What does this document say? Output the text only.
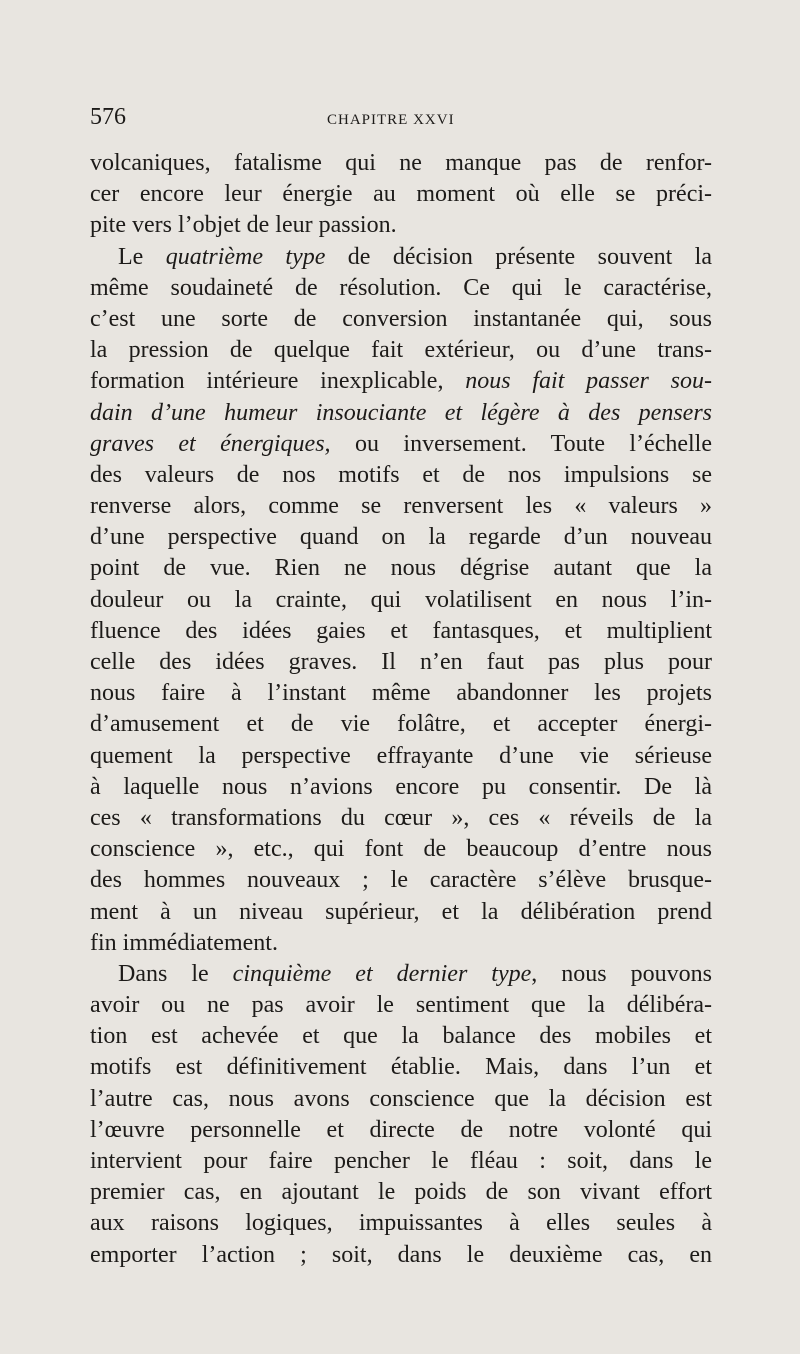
576	CHAPITRE XXVI
volcaniques, fatalisme qui ne manque pas de renfor-
cer encore leur énergie au moment où elle se préci-
pite vers l’objet de leur passion.
Le quatrième type de décision présente souvent la
même soudaineté de résolution. Ce qui le caractérise,
c’est une sorte de conversion instantanée qui, sous
la pression de quelque fait extérieur, ou d’une trans-
formation intérieure inexplicable, nous fait passer sou-
dain d’une humeur insouciante et légère à des pensers
graves et énergiques, ou inversement. Toute l’échelle
des valeurs de nos motifs et de nos impulsions se
renverse alors, comme se renversent les « valeurs »
d’une perspective quand on la regarde d’un nouveau
point de vue. Rien ne nous dégrise autant que la
douleur ou la crainte, qui volatilisent en nous l’in-
fluence des idées gaies et fantasques, et multiplient
celle des idées graves. Il n’en faut pas plus pour
nous faire à l’instant même abandonner les projets
d’amusement et de vie folâtre, et accepter énergi-
quement la perspective effrayante d’une vie sérieuse
à laquelle nous n’avions encore pu consentir. De là
ces « transformations du cœur », ces « réveils de la
conscience », etc., qui font de beaucoup d’entre nous
des hommes nouveaux ; le caractère s’élève brusque-
ment à un niveau supérieur, et la délibération prend
fin immédiatement.
Dans le cinquième et dernier type, nous pouvons
avoir ou ne pas avoir le sentiment que la délibéra-
tion est achevée et que la balance des mobiles et
motifs est définitivement établie. Mais, dans l’un et
l’autre cas, nous avons conscience que la décision est
l’œuvre personnelle et directe de notre volonté qui
intervient pour faire pencher le fléau : soit, dans le
premier cas, en ajoutant le poids de son vivant effort
aux raisons logiques, impuissantes à elles seules à
emporter l’action ; soit, dans le deuxième cas, en
